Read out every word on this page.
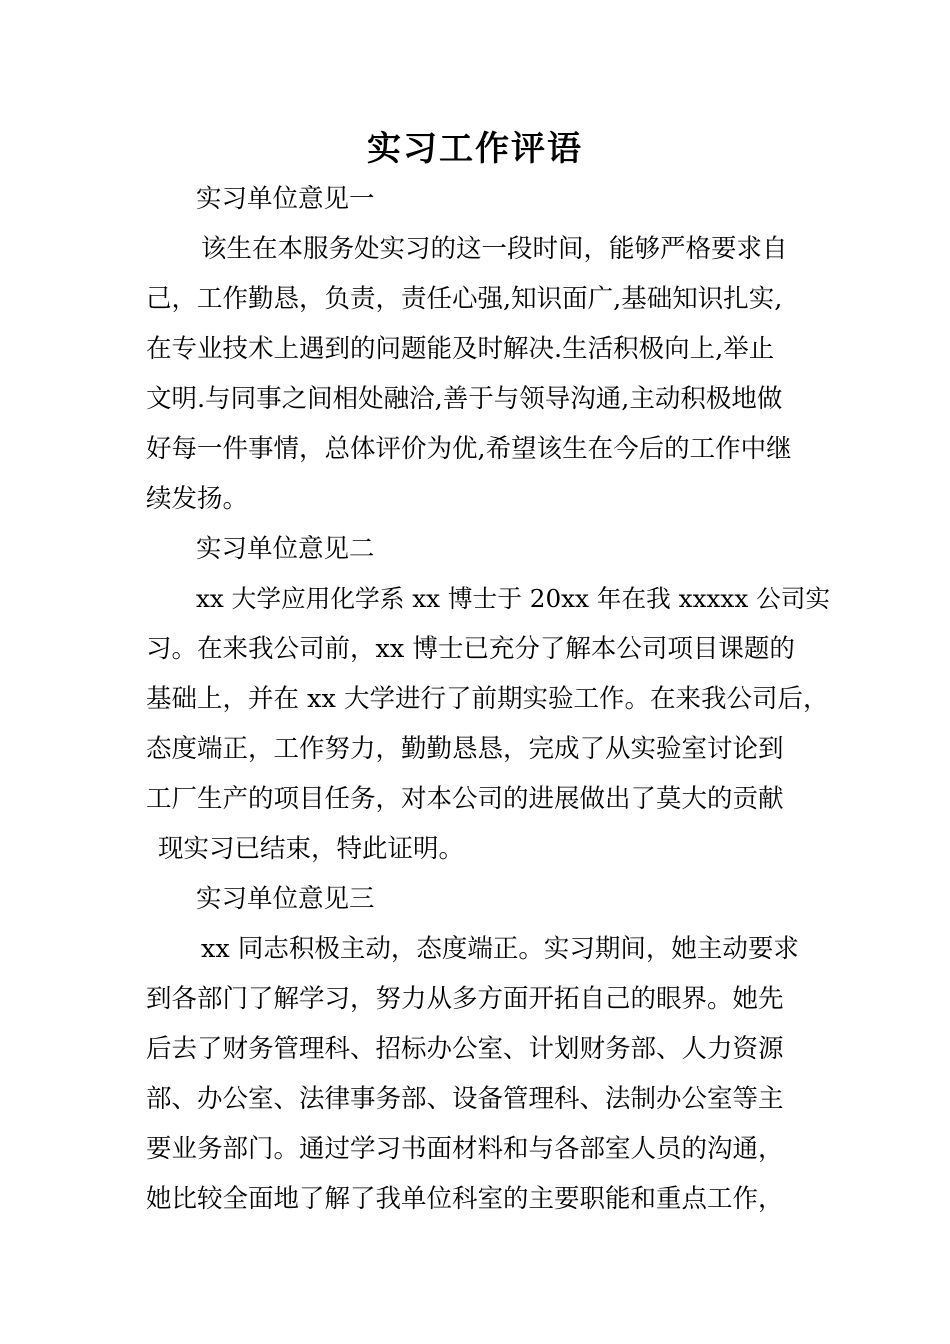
实习工作评语
实习单位意见一
该生在本服务处实习的这一段时间，能够严格要求自
己，工作勤恳，负责，责任心强,知识面广,基础知识扎实,
在专业技术上遇到的问题能及时解决.生活积极向上,举止
文明.与同事之间相处融洽,善于与领导沟通,主动积极地做
好每一件事情，总体评价为优,希望该生在今后的工作中继
续发扬。
实习单位意见二
xx 大学应用化学系 xx 博士于 20xx 年在我 xxxxx 公司实
习。在来我公司前，xx 博士已充分了解本公司项目课题的
基础上，并在 xx 大学进行了前期实验工作。在来我公司后，
态度端正，工作努力，勤勤恳恳，完成了从实验室讨论到
工厂生产的项目任务，对本公司的进展做出了莫大的贡献
现实习已结束，特此证明。
实习单位意见三
xx 同志积极主动，态度端正。实习期间，她主动要求
到各部门了解学习，努力从多方面开拓自己的眼界。她先
后去了财务管理科、招标办公室、计划财务部、人力资源
部、办公室、法律事务部、设备管理科、法制办公室等主
要业务部门。通过学习书面材料和与各部室人员的沟通，
她比较全面地了解了我单位科室的主要职能和重点工作，
